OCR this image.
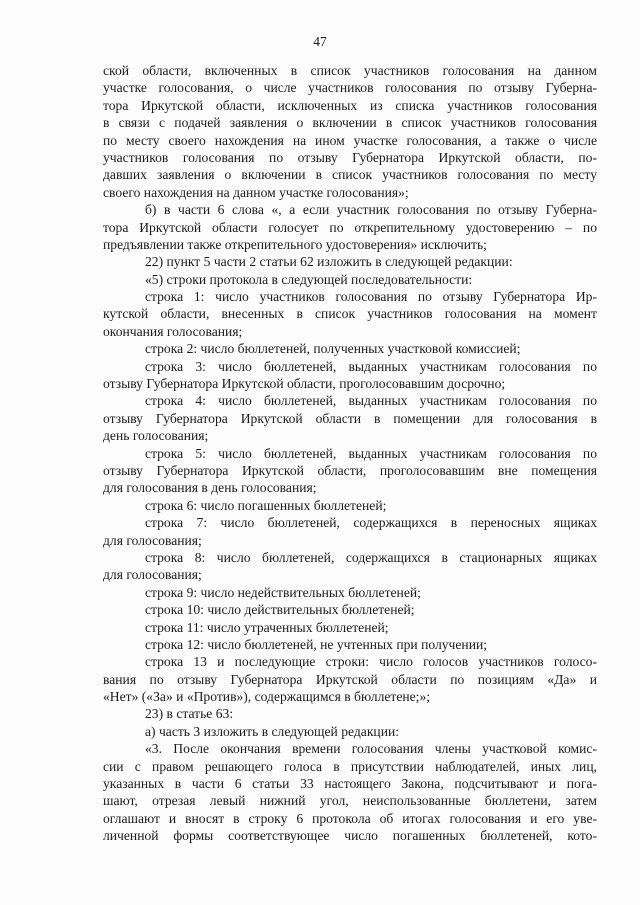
47
ской области, включенных в список участников голосования на данном
участке голосования, о числе участников голосования по отзыву Губерна-
тора Иркутской области, исключенных из списка участников голосования
в связи с подачей заявления о включении в список участников голосования
по месту своего нахождения на ином участке голосования, а также о числе
участников голосования по отзыву Губернатора Иркутской области, по-
давших заявления о включении в список участников голосования по месту
своего нахождения на данном участке голосования»;
б) в части 6 слова «, а если участник голосования по отзыву Губерна-
тора Иркутской области голосует по открепительному удостоверению – по
предъявлении также открепительного удостоверения» исключить;
22) пункт 5 части 2 статьи 62 изложить в следующей редакции:
«5) строки протокола в следующей последовательности:
строка 1: число участников голосования по отзыву Губернатора Ир-
кутской области, внесенных в список участников голосования на момент
окончания голосования;
строка 2: число бюллетеней, полученных участковой комиссией;
строка 3: число бюллетеней, выданных участникам голосования по
отзыву Губернатора Иркутской области, проголосовавшим досрочно;
строка 4: число бюллетеней, выданных участникам голосования по
отзыву Губернатора Иркутской области в помещении для голосования в
день голосования;
строка 5: число бюллетеней, выданных участникам голосования по
отзыву Губернатора Иркутской области, проголосовавшим вне помещения
для голосования в день голосования;
строка 6: число погашенных бюллетеней;
строка 7: число бюллетеней, содержащихся в переносных ящиках
для голосования;
строка 8: число бюллетеней, содержащихся в стационарных ящиках
для голосования;
строка 9: число недействительных бюллетеней;
строка 10: число действительных бюллетеней;
строка 11: число утраченных бюллетеней;
строка 12: число бюллетеней, не учтенных при получении;
строка 13 и последующие строки: число голосов участников голосо-
вания по отзыву Губернатора Иркутской области по позициям «Да» и
«Нет» («За» и «Против»), содержащимся в бюллетене;»;
23) в статье 63:
а) часть 3 изложить в следующей редакции:
«3. После окончания времени голосования члены участковой комис-
сии с правом решающего голоса в присутствии наблюдателей, иных лиц,
указанных в части 6 статьи 33 настоящего Закона, подсчитывают и пога-
шают, отрезая левый нижний угол, неиспользованные бюллетени, затем
оглашают и вносят в строку 6 протокола об итогах голосования и его уве-
личенной формы соответствующее число погашенных бюллетеней, кото-
